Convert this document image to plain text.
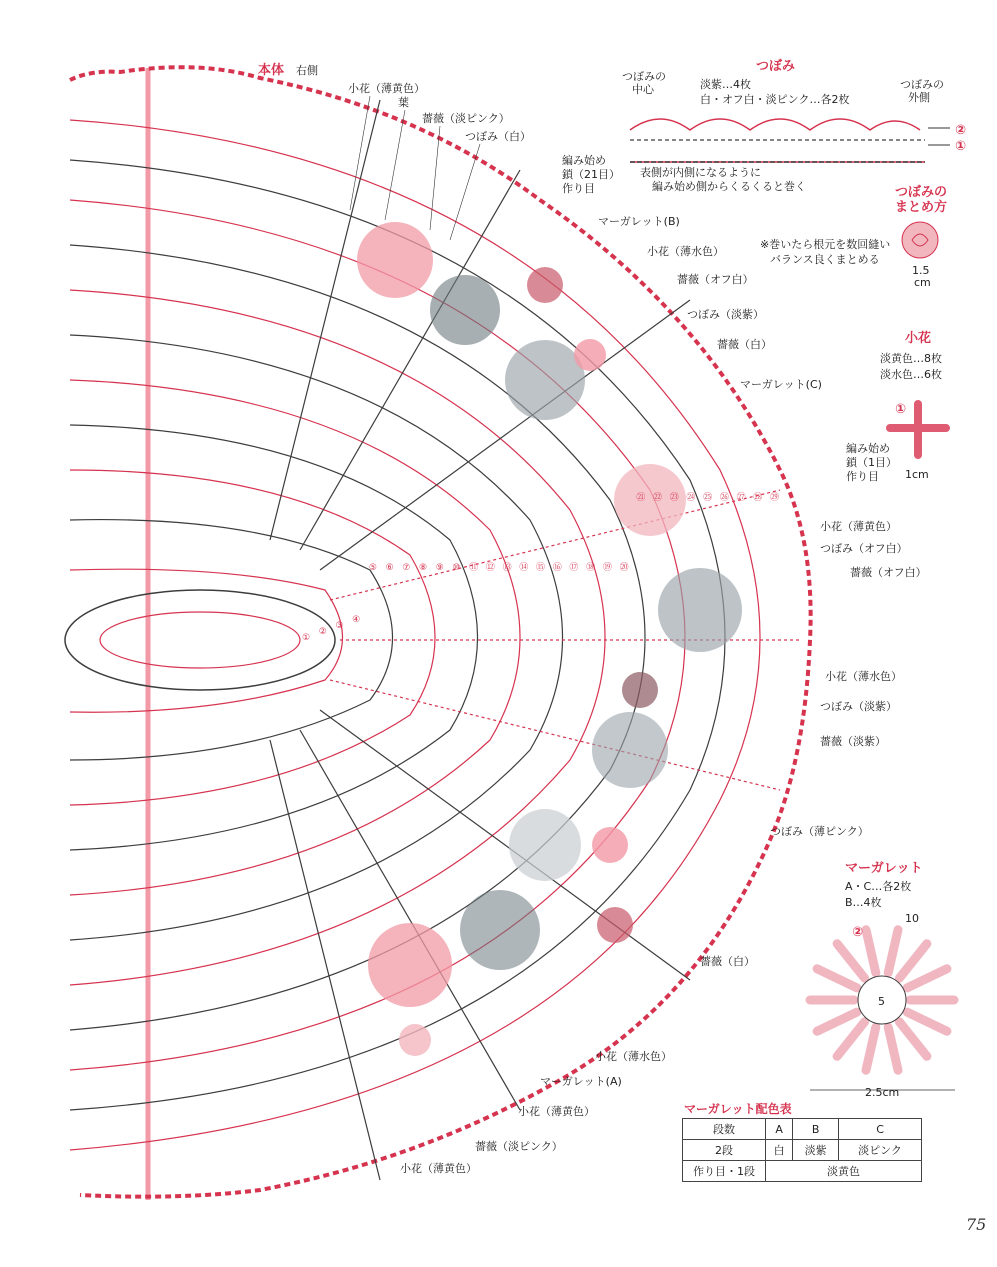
①
②
③
④
⑤ ⑥ ⑦ ⑧ ⑨ ⑩ ⑪ ⑫ ⑬ ⑭ ⑮ ⑯ ⑰ ⑱ ⑲ ⑳
㉑ ㉒ ㉓ ㉔ ㉕ ㉖ ㉗ ㉘ ㉙
本体 右側
小花（薄黄色）
葉
薔薇（淡ピンク）
つぼみ（白）
マーガレット(B)
小花（薄水色）
薔薇（オフ白）
つぼみ（淡紫）
薔薇（白）
マーガレット(C)
小花（薄黄色）
つぼみ（オフ白）
薔薇（オフ白）
小花（薄水色）
つぼみ（淡紫）
薔薇（淡紫）
つぼみ（薄ピンク）
薔薇（白）
小花（薄水色）
マーガレット(A)
小花（薄黄色）
薔薇（淡ピンク）
小花（薄黄色）
つぼみ
つぼみの
中心	淡紫…4枚
白・オフ白・淡ピンク…各2枚
つぼみの
外側
②
①
編み始め
鎖（21目）
作り目
表側が内側になるように
編み始め側からくるくると巻く	つぼみの
まとめ方
※巻いたら根元を数回縫い
バランス良くまとめる
1.5
cm
小花
淡黄色…8枚
淡水色…6枚
①
編み始め
鎖（1目）
作り目 1cm
マーガレット
A・C…各2枚
B…4枚
10
②
5
2.5cm
マーガレット配色表
段数	A	B	C
2段	白	淡紫	淡ピンク
作り目・1段	淡黄色		
75
